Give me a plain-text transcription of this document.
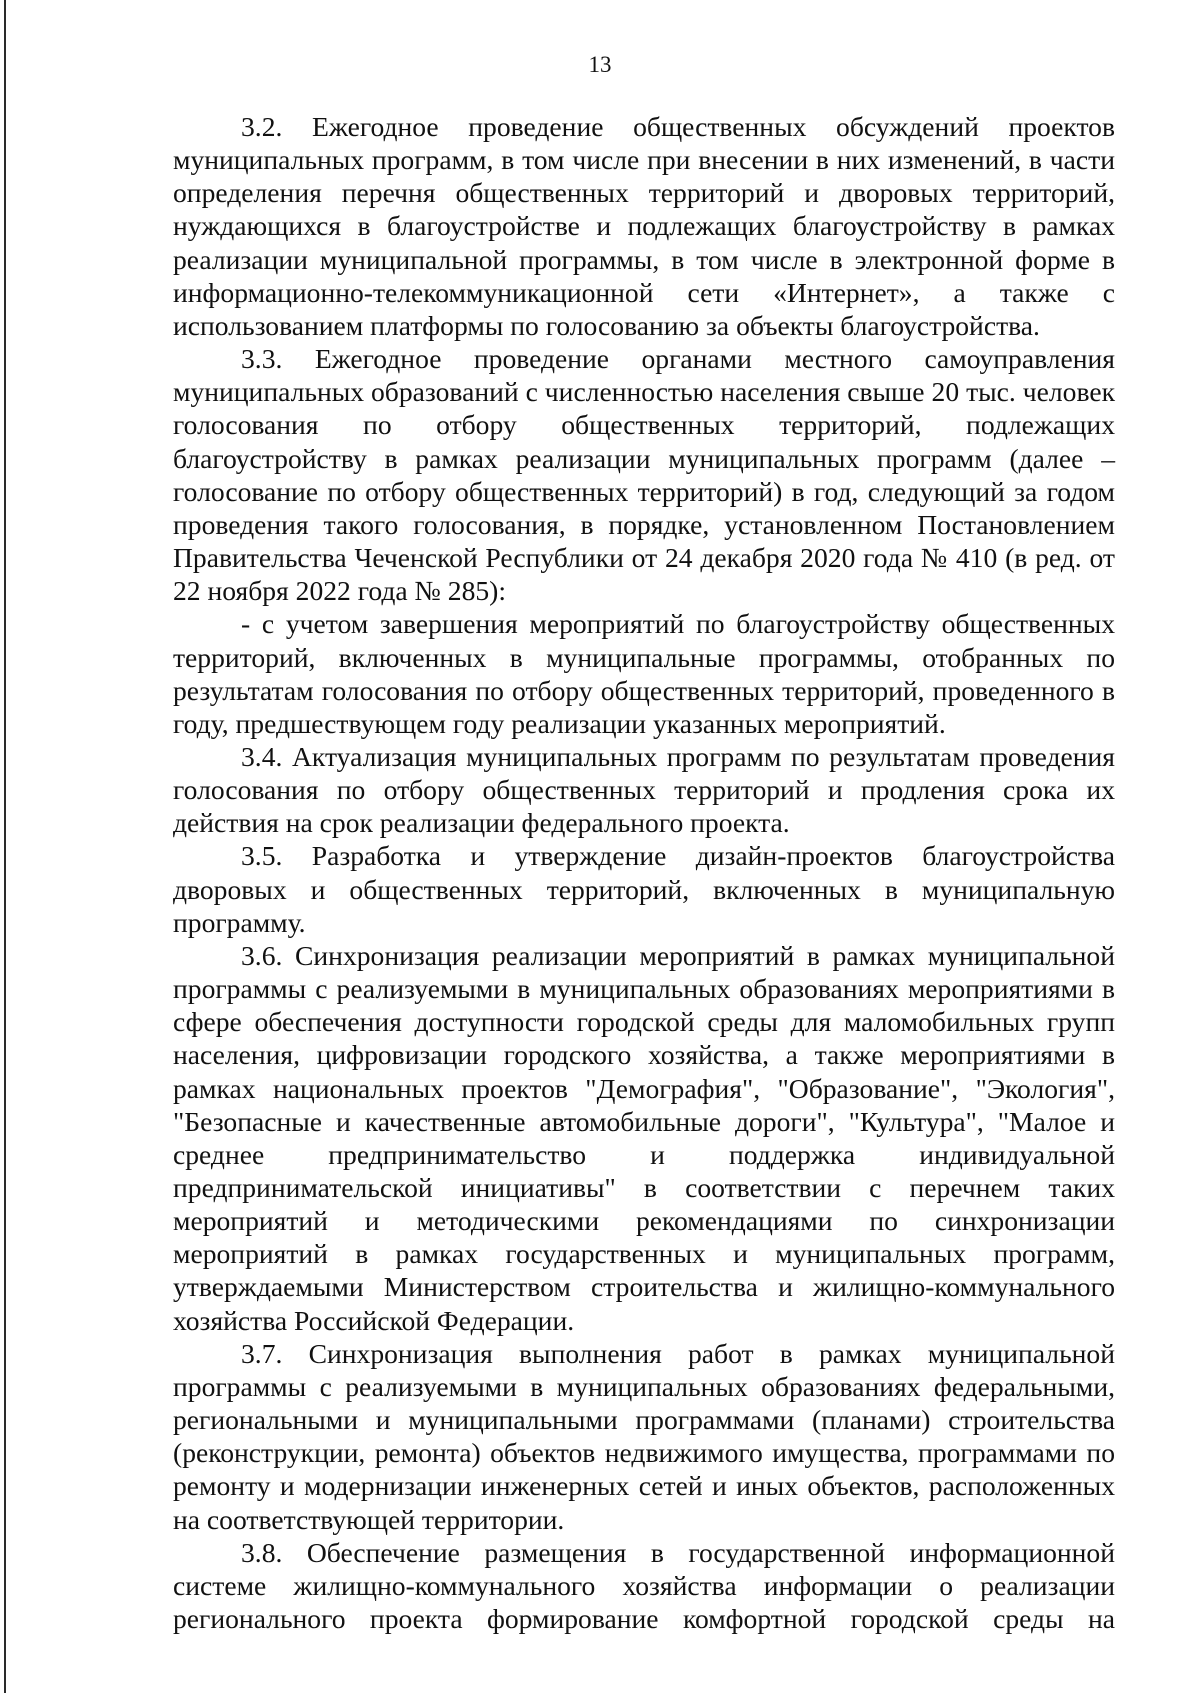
13

3.2. Ежегодное проведение общественных обсуждений проектов муниципальных программ, в том числе при внесении в них изменений, в части определения перечня общественных территорий и дворовых территорий, нуждающихся в благоустройстве и подлежащих благоустройству в рамках реализации муниципальной программы, в том числе в электронной форме в информационно-телекоммуникационной сети «Интернет», а также с использованием платформы по голосованию за объекты благоустройства.

3.3. Ежегодное проведение органами местного самоуправления муниципальных образований с численностью населения свыше 20 тыс. человек голосования по отбору общественных территорий, подлежащих благоустройству в рамках реализации муниципальных программ (далее – голосование по отбору общественных территорий) в год, следующий за годом проведения такого голосования, в порядке, установленном Постановлением Правительства Чеченской Республики от 24 декабря 2020 года № 410 (в ред. от 22 ноября 2022 года № 285):

- с учетом завершения мероприятий по благоустройству общественных территорий, включенных в муниципальные программы, отобранных по результатам голосования по отбору общественных территорий, проведенного в году, предшествующем году реализации указанных мероприятий.

3.4. Актуализация муниципальных программ по результатам проведения голосования по отбору общественных территорий и продления срока их действия на срок реализации федерального проекта.

3.5. Разработка и утверждение дизайн-проектов благоустройства дворовых и общественных территорий, включенных в муниципальную программу.

3.6. Синхронизация реализации мероприятий в рамках муниципальной программы с реализуемыми в муниципальных образованиях мероприятиями в сфере обеспечения доступности городской среды для маломобильных групп населения, цифровизации городского хозяйства, а также мероприятиями в рамках национальных проектов "Демография", "Образование", "Экология", "Безопасные и качественные автомобильные дороги", "Культура", "Малое и среднее предпринимательство и поддержка индивидуальной предпринимательской инициативы" в соответствии с перечнем таких мероприятий и методическими рекомендациями по синхронизации мероприятий в рамках государственных и муниципальных программ, утверждаемыми Министерством строительства и жилищно-коммунального хозяйства Российской Федерации.

3.7. Синхронизация выполнения работ в рамках муниципальной программы с реализуемыми в муниципальных образованиях федеральными, региональными и муниципальными программами (планами) строительства (реконструкции, ремонта) объектов недвижимого имущества, программами по ремонту и модернизации инженерных сетей и иных объектов, расположенных на соответствующей территории.

3.8. Обеспечение размещения в государственной информационной системе жилищно-коммунального хозяйства информации о реализации регионального проекта формирование комфортной городской среды на
